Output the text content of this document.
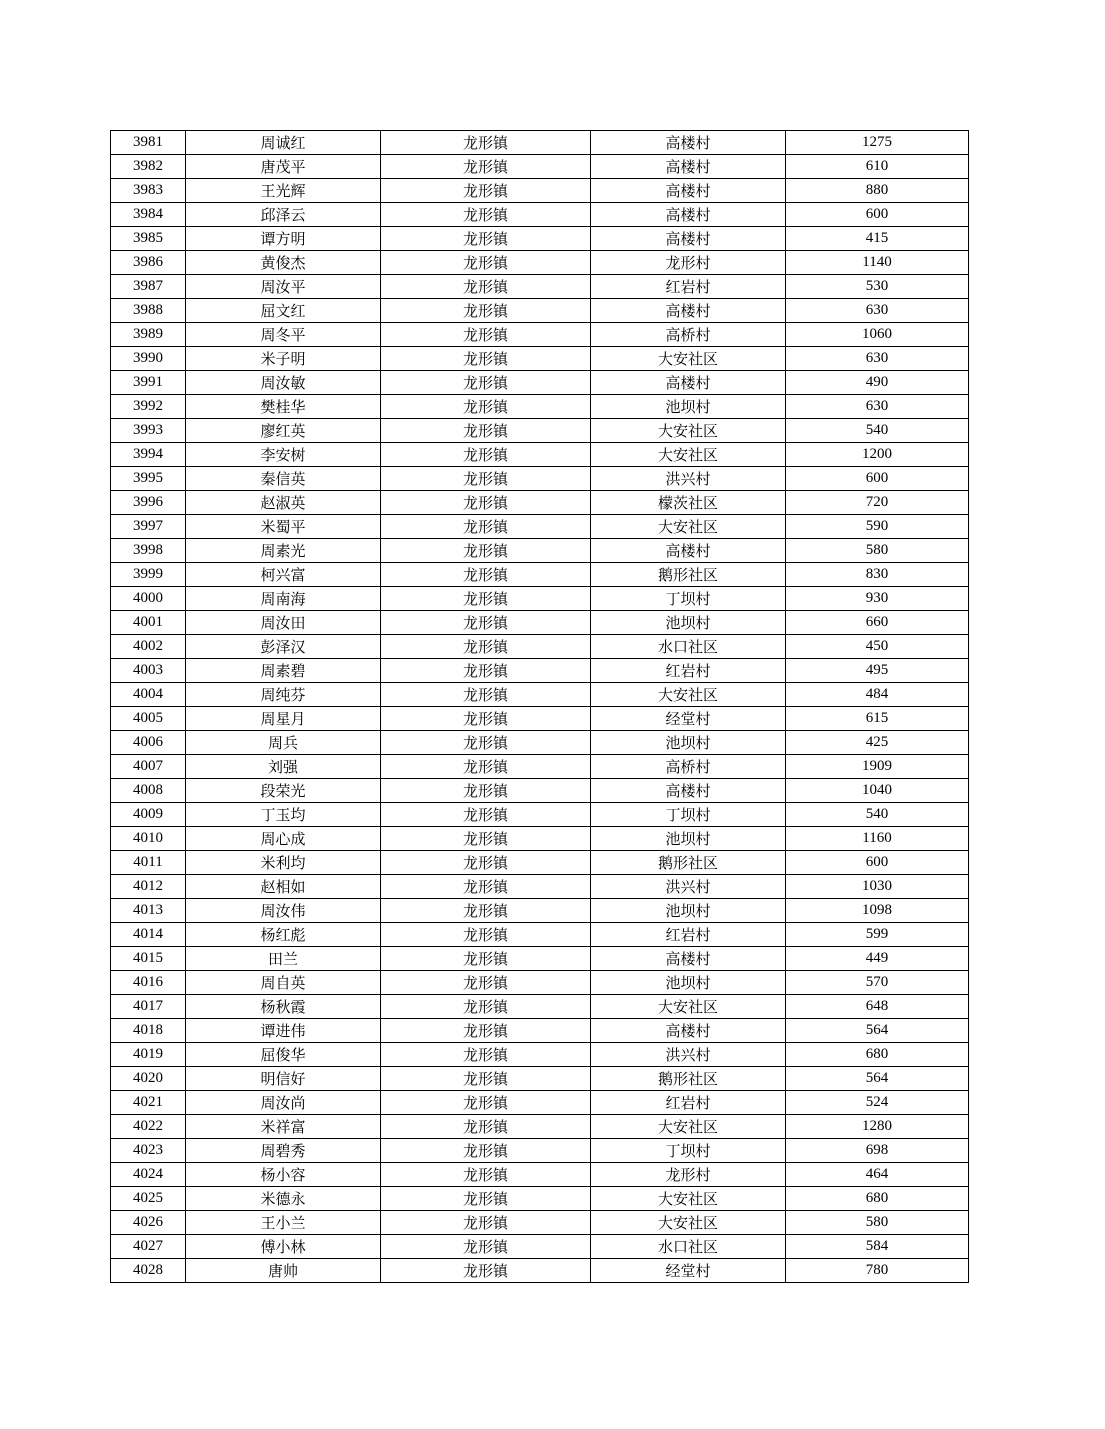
3981	周诚红	龙形镇	高楼村	1275
3982	唐茂平	龙形镇	高楼村	610
3983	王光辉	龙形镇	高楼村	880
3984	邱泽云	龙形镇	高楼村	600
3985	谭方明	龙形镇	高楼村	415
3986	黄俊杰	龙形镇	龙形村	1140
3987	周汝平	龙形镇	红岩村	530
3988	屈文红	龙形镇	高楼村	630
3989	周冬平	龙形镇	高桥村	1060
3990	米子明	龙形镇	大安社区	630
3991	周汝敏	龙形镇	高楼村	490
3992	樊桂华	龙形镇	池坝村	630
3993	廖红英	龙形镇	大安社区	540
3994	李安树	龙形镇	大安社区	1200
3995	秦信英	龙形镇	洪兴村	600
3996	赵淑英	龙形镇	檬茨社区	720
3997	米蜀平	龙形镇	大安社区	590
3998	周素光	龙形镇	高楼村	580
3999	柯兴富	龙形镇	鹅形社区	830
4000	周南海	龙形镇	丁坝村	930
4001	周汝田	龙形镇	池坝村	660
4002	彭泽汉	龙形镇	水口社区	450
4003	周素碧	龙形镇	红岩村	495
4004	周纯芬	龙形镇	大安社区	484
4005	周星月	龙形镇	经堂村	615
4006	周兵	龙形镇	池坝村	425
4007	刘强	龙形镇	高桥村	1909
4008	段荣光	龙形镇	高楼村	1040
4009	丁玉均	龙形镇	丁坝村	540
4010	周心成	龙形镇	池坝村	1160
4011	米利均	龙形镇	鹅形社区	600
4012	赵相如	龙形镇	洪兴村	1030
4013	周汝伟	龙形镇	池坝村	1098
4014	杨红彪	龙形镇	红岩村	599
4015	田兰	龙形镇	高楼村	449
4016	周自英	龙形镇	池坝村	570
4017	杨秋霞	龙形镇	大安社区	648
4018	谭进伟	龙形镇	高楼村	564
4019	屈俊华	龙形镇	洪兴村	680
4020	明信好	龙形镇	鹅形社区	564
4021	周汝尚	龙形镇	红岩村	524
4022	米祥富	龙形镇	大安社区	1280
4023	周碧秀	龙形镇	丁坝村	698
4024	杨小容	龙形镇	龙形村	464
4025	米德永	龙形镇	大安社区	680
4026	王小兰	龙形镇	大安社区	580
4027	傅小林	龙形镇	水口社区	584
4028	唐帅	龙形镇	经堂村	780
